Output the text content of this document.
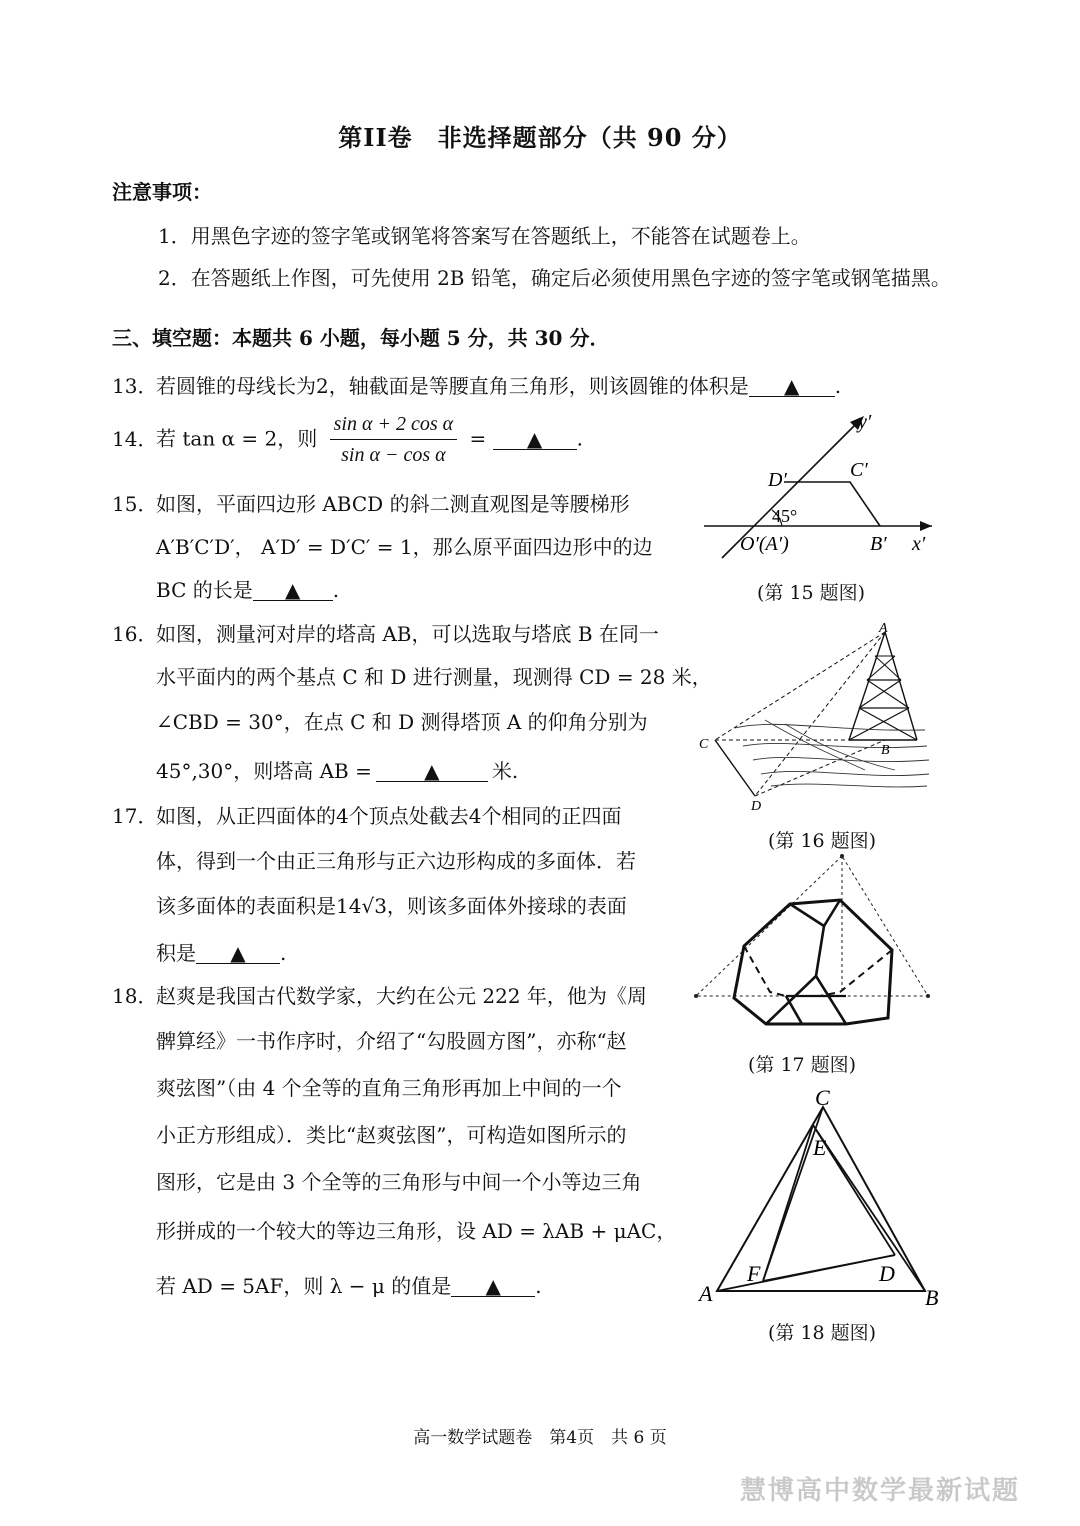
第II卷　非选择题部分（共 90 分）
注意事项：
1．用黑色字迹的签字笔或钢笔将答案写在答题纸上，不能答在试题卷上。
2．在答题纸上作图，可先使用 2B 铅笔，确定后必须使用黑色字迹的签字笔或钢笔描黑。
三、填空题：本题共 6 小题，每小题 5 分，共 30 分．
13．若圆锥的母线长为2，轴截面是等腰直角三角形，则该圆锥的体积是 ▲ .
14．若 tan α = 2，则 $\frac{\text{sin α + 2 cos α}}{\text{sin α − cos α}}$ = ▲ .
15．如图，平面四边形 ABCD 的斜二测直观图是等腰梯形
A′B′C′D′， A′D′ = D′C′ = 1，那么原平面四边形中的边
BC 的长是 ▲ .
y′
D′	C′
45°
O′(A′)	B′ x′
(第 15 题图)
16．如图，测量河对岸的塔高 AB，可以选取与塔底 B 在同一
水平面内的两个基点 C 和 D 进行测量，现测得 CD = 28 米，
∠CBD = 30°，在点 C 和 D 测得塔顶 A 的仰角分别为
45°,30°，则塔高 AB =	▲	米.
A
B
C
D
(第 16 题图)
17．如图，从正四面体的4个顶点处截去4个相同的正四面
体，得到一个由正三角形与正六边形构成的多面体．若
该多面体的表面积是14√3，则该多面体外接球的表面
积是 ▲ .
(第 17 题图)
18．赵爽是我国古代数学家，大约在公元 222 年，他为《周
髀算经》一书作序时，介绍了“勾股圆方图”，亦称“赵
爽弦图”（由 4 个全等的直角三角形再加上中间的一个
小正方形组成）．类比“赵爽弦图”，可构造如图所示的
图形，它是由 3 个全等的三角形与中间一个小等边三角
形拼成的一个较大的等边三角形，设 AD = λAB + μAC，
若 AD = 5AF，则 λ − μ 的值是 ▲ .
C
E
F	D
A	B
(第 18 题图)
高一数学试题卷　第4页　共 6 页
慧博高中数学最新试题
